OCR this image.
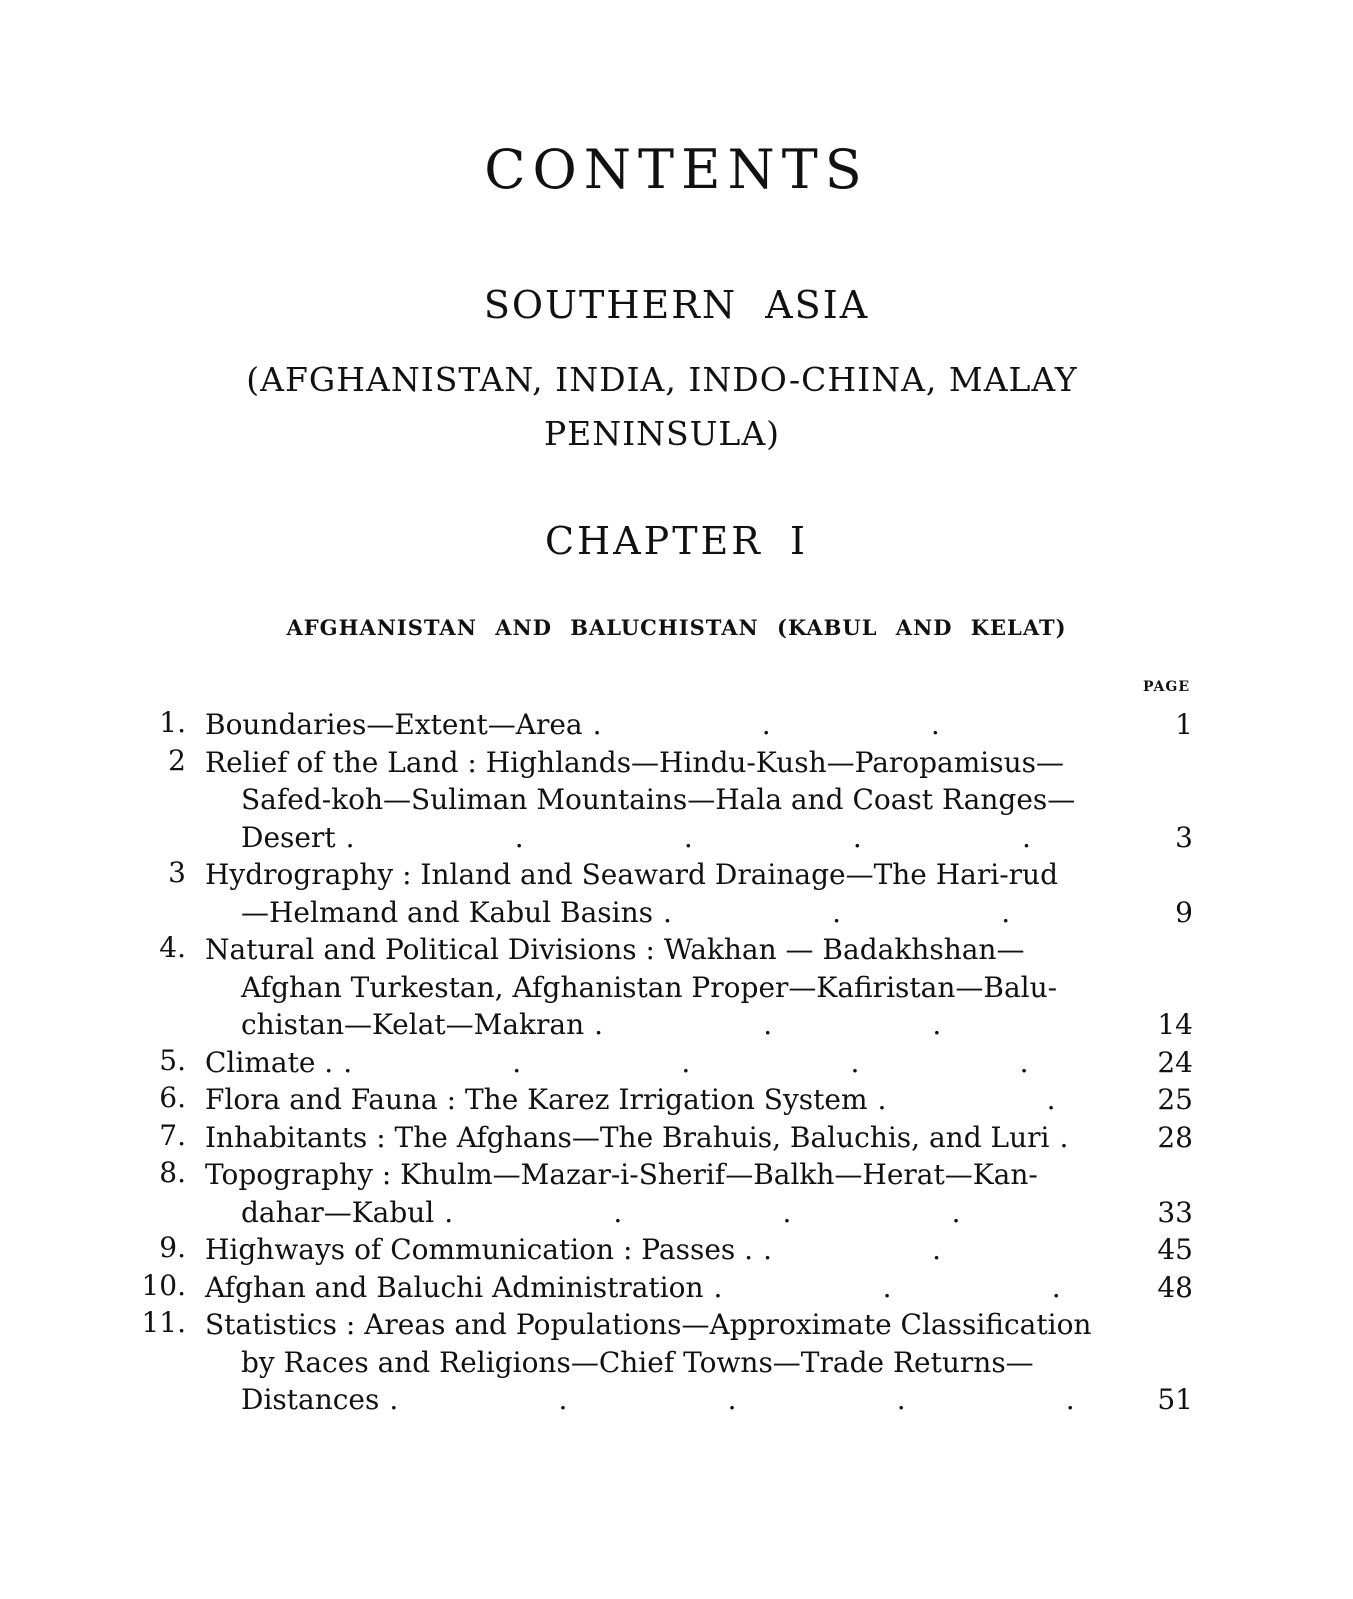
CONTENTS
SOUTHERN ASIA
(AFGHANISTAN, INDIA, INDO-CHINA, MALAY
PENINSULA)
CHAPTER I
AFGHANISTAN AND BALUCHISTAN (KABUL AND KELAT)
PAGE
1. Boundaries—Extent—Area .	1
2 Relief of the Land : Highlands—Hindu-Kush—Paropamisus—
Safed-koh—Suliman Mountains—Hala and Coast Ranges—
Desert .	3
3 Hydrography : Inland and Seaward Drainage—The Hari-rud
—Helmand and Kabul Basins .	9
4. Natural and Political Divisions : Wakhan — Badakhshan—
Afghan Turkestan, Afghanistan Proper—Kafiristan—Balu-
chistan—Kelat—Makran .	14
5. Climate . .	24
6. Flora and Fauna : The Karez Irrigation System .	25
7. Inhabitants : The Afghans—The Brahuis, Baluchis, and Luri .	28
8. Topography : Khulm—Mazar-i-Sherif—Balkh—Herat—Kan-
dahar—Kabul .	33
9. Highways of Communication : Passes . .	45
10. Afghan and Baluchi Administration .	48
11. Statistics : Areas and Populations—Approximate Classification
by Races and Religions—Chief Towns—Trade Returns—
Distances .	51
